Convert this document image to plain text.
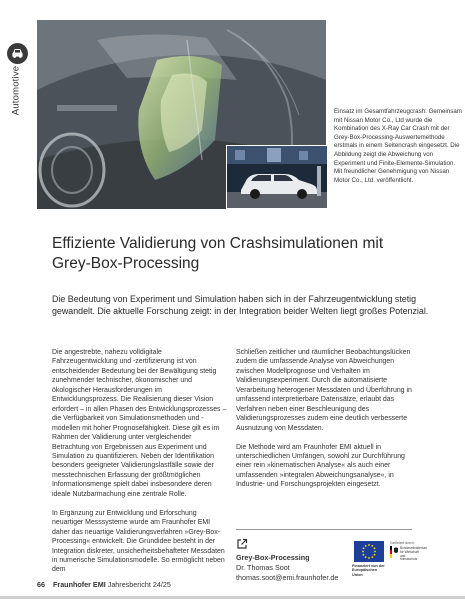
Automotive	Einsatz im Gesamtfahrzeugcrash: Gemeinsam mit Nissan Motor Co., Ltd wurde die Kombination des X-Ray Car Crash mit der Grey-Box-Processing-Auswertemethode erstmals in einem Seitencrash eingesetzt. Die Abbildung zeigt die Abweichung von Experiment und Finite-Elemente-Simulation. Mit freundlicher Genehmigung von Nissan Motor Co., Ltd. veröffentlicht.
Effiziente Validierung von Crashsimulationen mit Grey-Box-Processing

Die Bedeutung von Experiment und Simulation haben sich in der Fahrzeugentwicklung stetig gewandelt. Die aktuelle Forschung zeigt: in der Integration beider Welten liegt großes Potenzial.

Die angestrebte, nahezu volldigitale Fahrzeugentwicklung und -zertifizierung ist von entscheidender Bedeutung bei der Bewältigung stetig zunehmender technischer, ökonomischer und ökologischer Herausforderungen im Entwicklungsprozess. Die Realisierung dieser Vision erfordert – in allen Phasen des Entwicklungsprozesses – die Verfügbarkeit von Simulationsmethoden und -modellen mit hoher Prognosefähigkeit. Diese gilt es im Rahmen der Validierung unter vergleichender Betrachtung von Ergebnissen aus Experiment und Simulation zu quantifizieren. Neben der Identifikation besonders geeigneter Validierungslastfälle sowie der messtechnischen Erfassung der größtmöglichen Informationsmenge spielt dabei insbesondere deren ideale Nutzbarmachung eine zentrale Rolle.

In Ergänzung zur Entwicklung und Erforschung neuartiger Messsysteme wurde am Fraunhofer EMI daher das neuartige Validierungsverfahren »Grey-Box-Processing« entwickelt. Die Grundidee besteht in der Integration diskreter, unsicherheitsbehafteter Messdaten in numerische Simulationsmodelle. So ermöglicht neben dem

Schließen zeitlicher und räumlicher Beobachtungslücken zudem die umfassende Analyse von Abweichungen zwischen Modellprognose und Verhalten im Validierungsexperiment. Durch die automatisierte Verarbeitung heterogener Messdaten und Überführung in umfassend interpretierbare Datensätze, erlaubt das Verfahren neben einer Beschleunigung des Validierungsprozesses zudem eine deutlich verbesserte Ausnutzung von Messdaten.

Die Methode wird am Fraunhofer EMI aktuell in unterschiedlichen Umfängen, sowohl zur Durchführung einer rein »kinematischen Analyse« als auch einer umfassenden »integralen Abweichungsanalyse«, in Industrie- und Forschungsprojekten eingesetzt.

Grey-Box-Processing
Dr. Thomas Soot
thomas.soot@emi.fraunhofer.de
Finanziert von der Europäischen Union
Gefördert durch:
Bundesministerium für Wirtschaft und Klimaschutz
66 Fraunhofer EMI Jahresbericht 24/25
